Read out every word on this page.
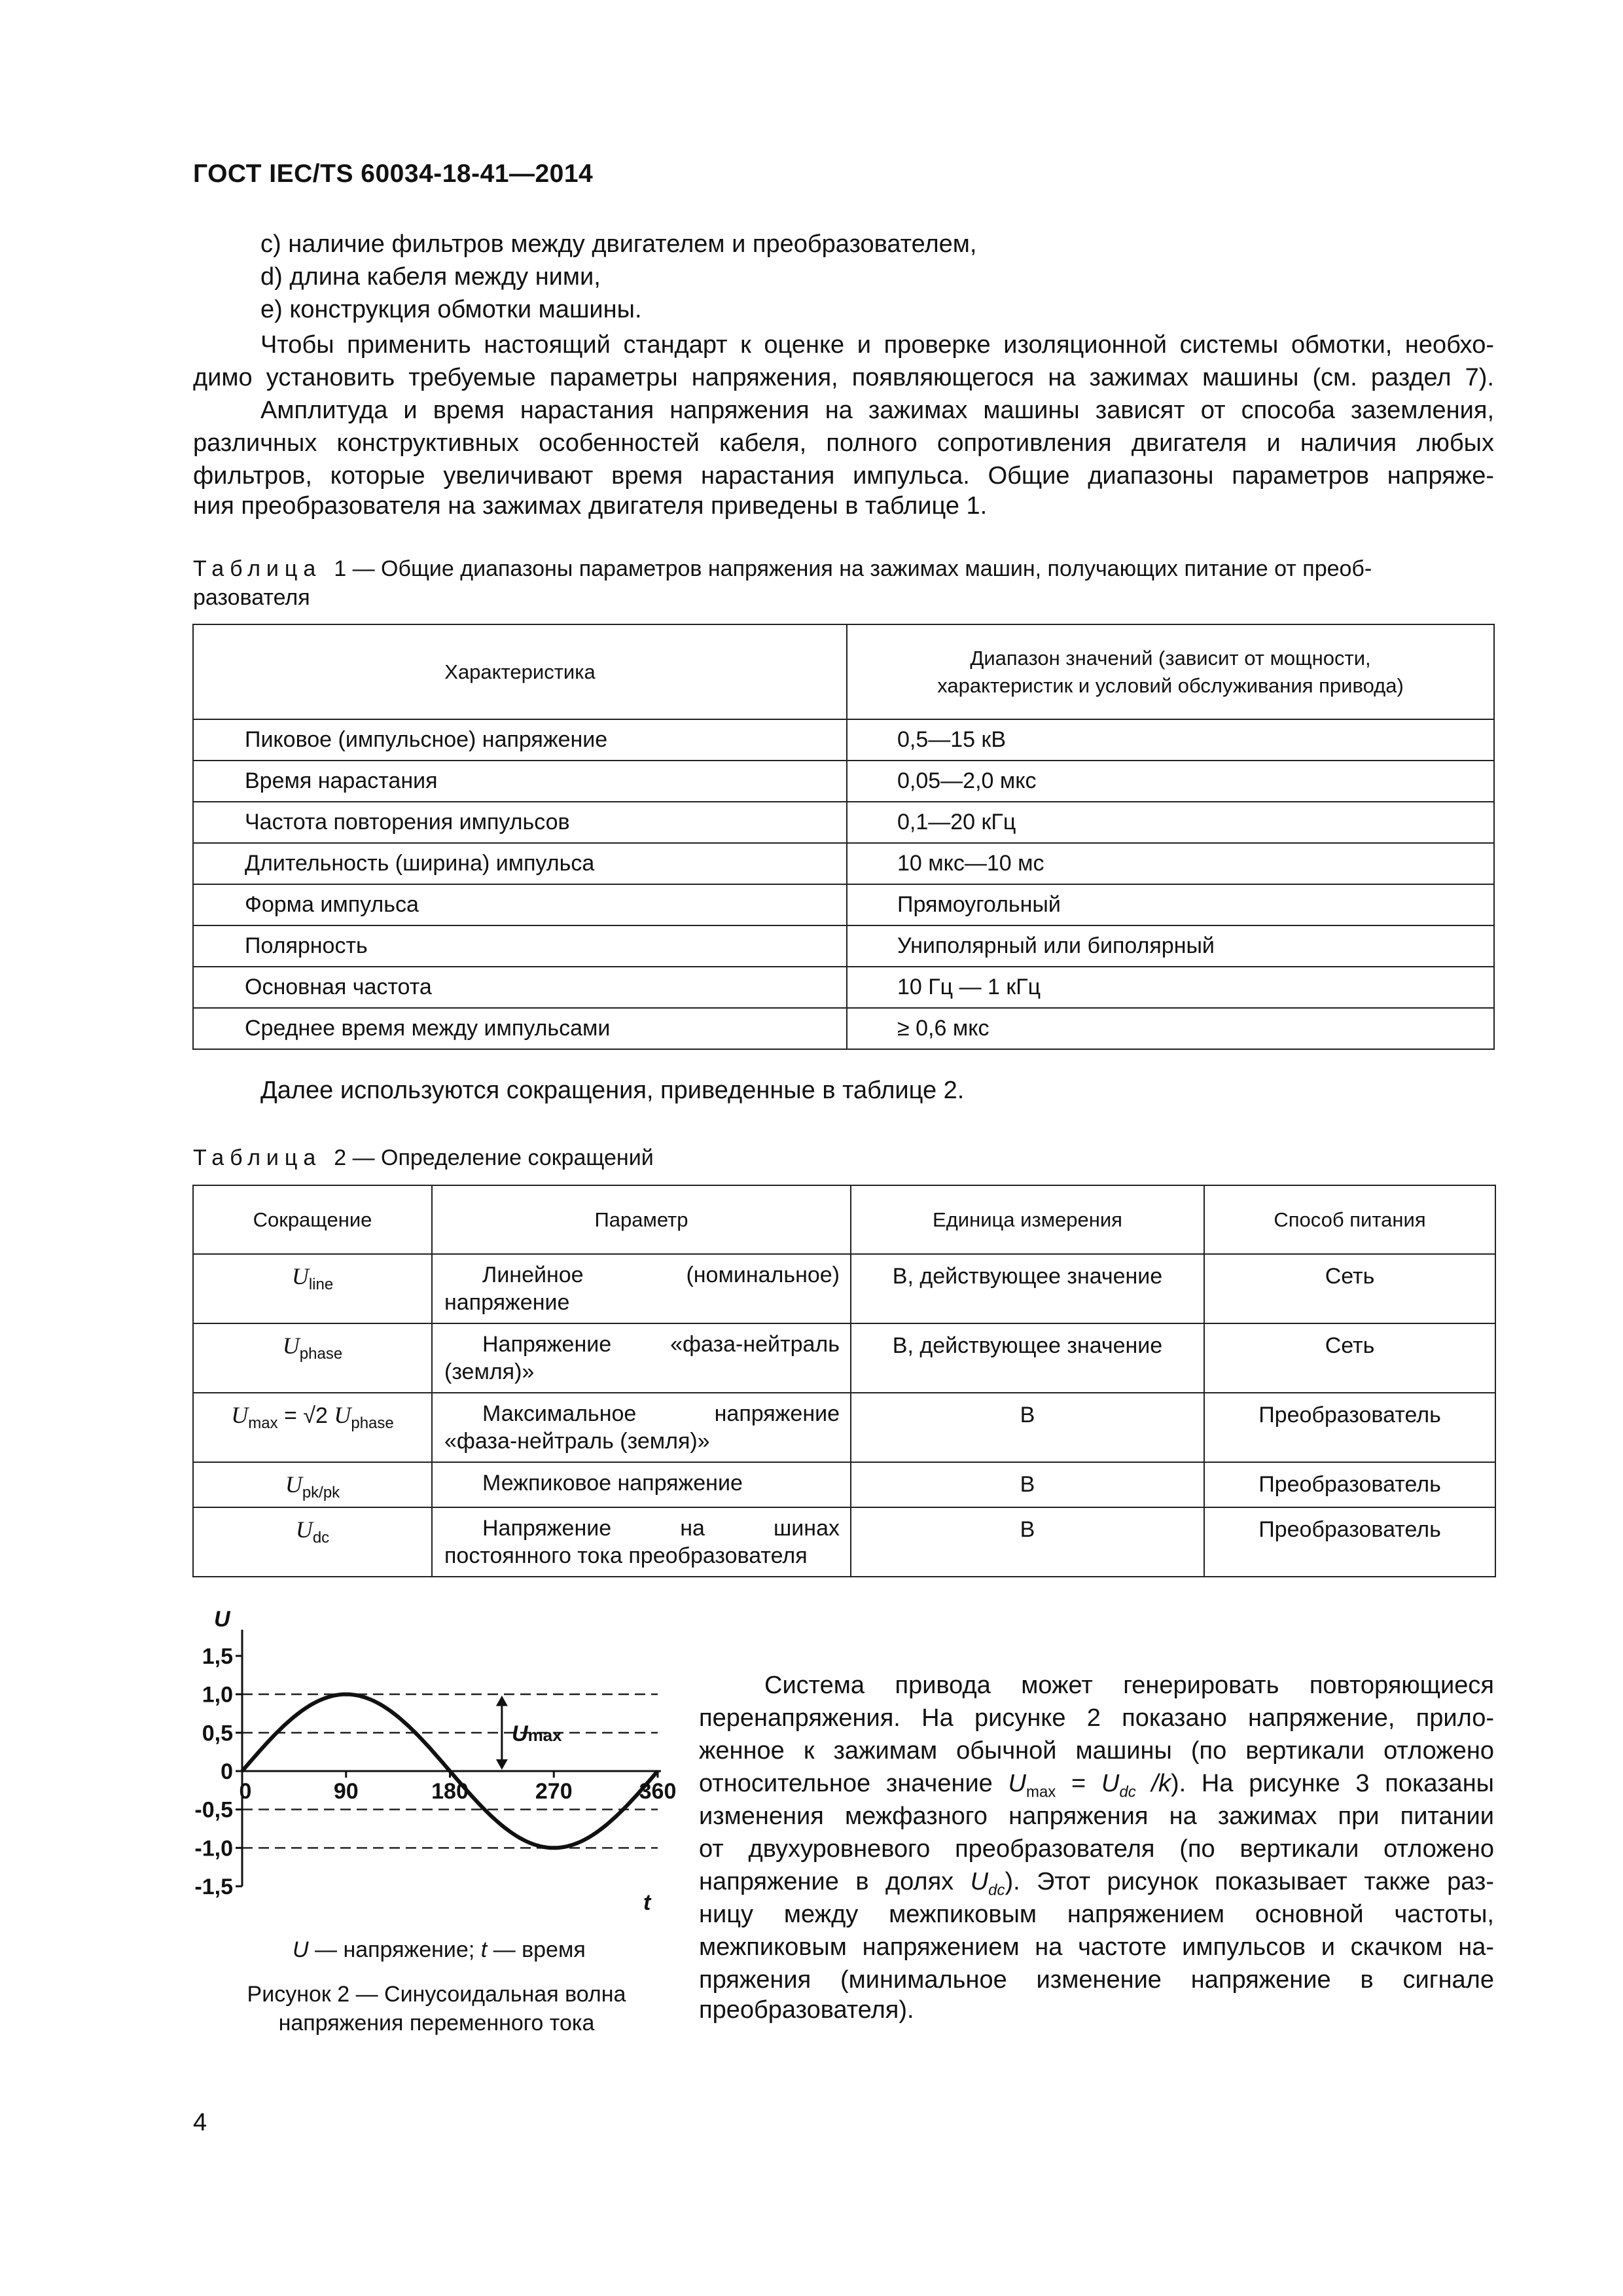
ГОСТ IEC/TS 60034-18-41—2014
c) наличие фильтров между двигателем и преобразователем,
d) длина кабеля между ними,
e) конструкция обмотки машины.
Чтобы применить настоящий стандарт к оценке и проверке изоляционной системы обмотки, необхо-
димо установить требуемые параметры напряжения, появляющегося на зажимах машины (см. раздел 7).
Амплитуда и время нарастания напряжения на зажимах машины зависят от способа заземления,
различных конструктивных особенностей кабеля, полного сопротивления двигателя и наличия любых
фильтров, которые увеличивают время нарастания импульса. Общие диапазоны параметров напряже-
ния преобразователя на зажимах двигателя приведены в таблице 1.
Таблица 1 — Общие диапазоны параметров напряжения на зажимах машин, получающих питание от преоб-
разователя
Характеристика	Диапазон значений (зависит от мощности,
характеристик и условий обслуживания привода)
Пиковое (импульсное) напряжение	0,5—15 кВ
Время нарастания	0,05—2,0 мкс
Частота повторения импульсов	0,1—20 кГц
Длительность (ширина) импульса	10 мкс—10 мс
Форма импульса	Прямоугольный
Полярность	Униполярный или биполярный
Основная частота	10 Гц — 1 кГц
Среднее время между импульсами	≥ 0,6 мкс
Далее используются сокращения, приведенные в таблице 2.
Таблица 2 — Определение сокращений
Сокращение	Параметр	Единица измерения	Способ питания
$U_{line}$	Линейное (номинальное) напряжение	В, действующее значение	Сеть
$U_{phase}$	Напряжение «фаза-нейтраль (земля)»	В, действующее значение	Сеть
$U_{max} = √2$ $U_{phase}$	Максимальное напряжение «фаза-нейтраль (земля)»	В	Преобразователь
$U_{pk/pk}$	Межпиковое напряжение	В	Преобразователь
$U_{dc}$	Напряжение на шинах постоянного тока преобразователя	В	Преобразователь
1,5
1,0
0,5
0
-0,5
-1,0
-1,5
0	90	180	270	360
U
t
Umax
U — напряжение; t — время
Рисунок 2 — Синусоидальная волна
напряжения переменного тока
Система привода может генерировать повторяющиеся
перенапряжения. На рисунке 2 показано напряжение, прило-
женное к зажимам обычной машины (по вертикали отложено
относительное значение $U_{max} = U_{dc}$ /k). На рисунке 3 показаны
изменения межфазного напряжения на зажимах при питании
от двухуровневого преобразователя (по вертикали отложено
напряжение в долях $U_{dc}$). Этот рисунок показывает также раз-
ницу между межпиковым напряжением основной частоты,
межпиковым напряжением на частоте импульсов и скачком на-
пряжения (минимальное изменение напряжение в сигнале
преобразователя).
4
